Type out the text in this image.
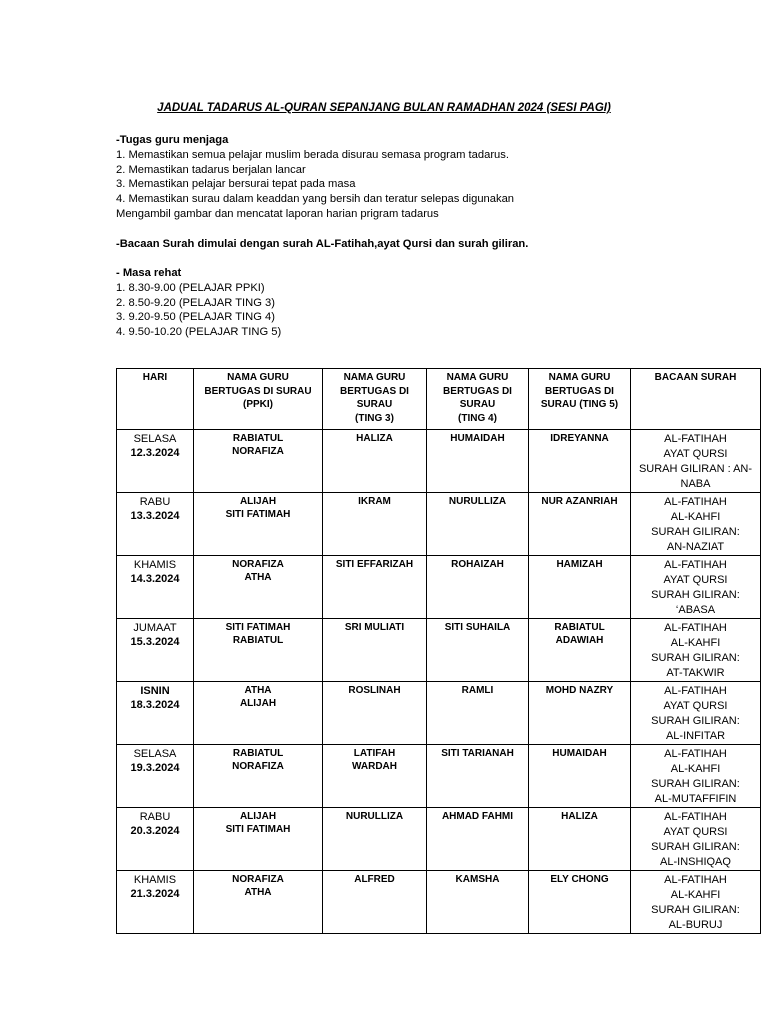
JADUAL TADARUS AL-QURAN SEPANJANG BULAN RAMADHAN 2024 (SESI PAGI)
-Tugas guru menjaga
1. Memastikan semua pelajar muslim berada disurau semasa program tadarus.
2. Memastikan tadarus berjalan lancar
3. Memastikan pelajar bersurai tepat pada masa
4. Memastikan surau dalam keaddan yang bersih dan teratur selepas digunakan
Mengambil gambar dan mencatat laporan harian prigram tadarus
-Bacaan Surah dimulai dengan surah AL-Fatihah,ayat Qursi dan surah giliran.
- Masa rehat
1. 8.30-9.00 (PELAJAR PPKI)
2. 8.50-9.20 (PELAJAR TING 3)
3. 9.20-9.50 (PELAJAR TING 4)
4. 9.50-10.20 (PELAJAR TING 5)
HARI	NAMA GURU
BERTUGAS DI SURAU
(PPKI)	NAMA GURU
BERTUGAS DI
SURAU
(TING 3)	NAMA GURU
BERTUGAS DI
SURAU
(TING 4)	NAMA GURU
BERTUGAS DI
SURAU (TING 5)	BACAAN SURAH

SELASA
12.3.2024	RABIATUL
NORAFIZA	HALIZA	HUMAIDAH	IDREYANNA	AL-FATIHAH
AYAT QURSI
SURAH GILIRAN : AN-
NABA

RABU
13.3.2024	ALIJAH
SITI FATIMAH	IKRAM	NURULLIZA	NUR AZANRIAH	AL-FATIHAH
AL-KAHFI
SURAH GILIRAN:
AN-NAZIAT

KHAMIS
14.3.2024	NORAFIZA
ATHA	SITI EFFARIZAH	ROHAIZAH	HAMIZAH	AL-FATIHAH
AYAT QURSI
SURAH GILIRAN:
‘ABASA

JUMAAT
15.3.2024	SITI FATIMAH
RABIATUL	SRI MULIATI	SITI SUHAILA	RABIATUL
ADAWIAH	AL-FATIHAH
AL-KAHFI
SURAH GILIRAN:
AT-TAKWIR

ISNIN
18.3.2024	ATHA
ALIJAH	ROSLINAH	RAMLI	MOHD NAZRY	AL-FATIHAH
AYAT QURSI
SURAH GILIRAN:
AL-INFITAR

SELASA
19.3.2024	RABIATUL
NORAFIZA	LATIFAH
WARDAH	SITI TARIANAH	HUMAIDAH	AL-FATIHAH
AL-KAHFI
SURAH GILIRAN:
AL-MUTAFFIFIN

RABU
20.3.2024	ALIJAH
SITI FATIMAH	NURULLIZA	AHMAD FAHMI	HALIZA	AL-FATIHAH
AYAT QURSI
SURAH GILIRAN:
AL-INSHIQAQ

KHAMIS
21.3.2024	NORAFIZA
ATHA	ALFRED	KAMSHA	ELY CHONG	AL-FATIHAH
AL-KAHFI
SURAH GILIRAN:
AL-BURUJ
